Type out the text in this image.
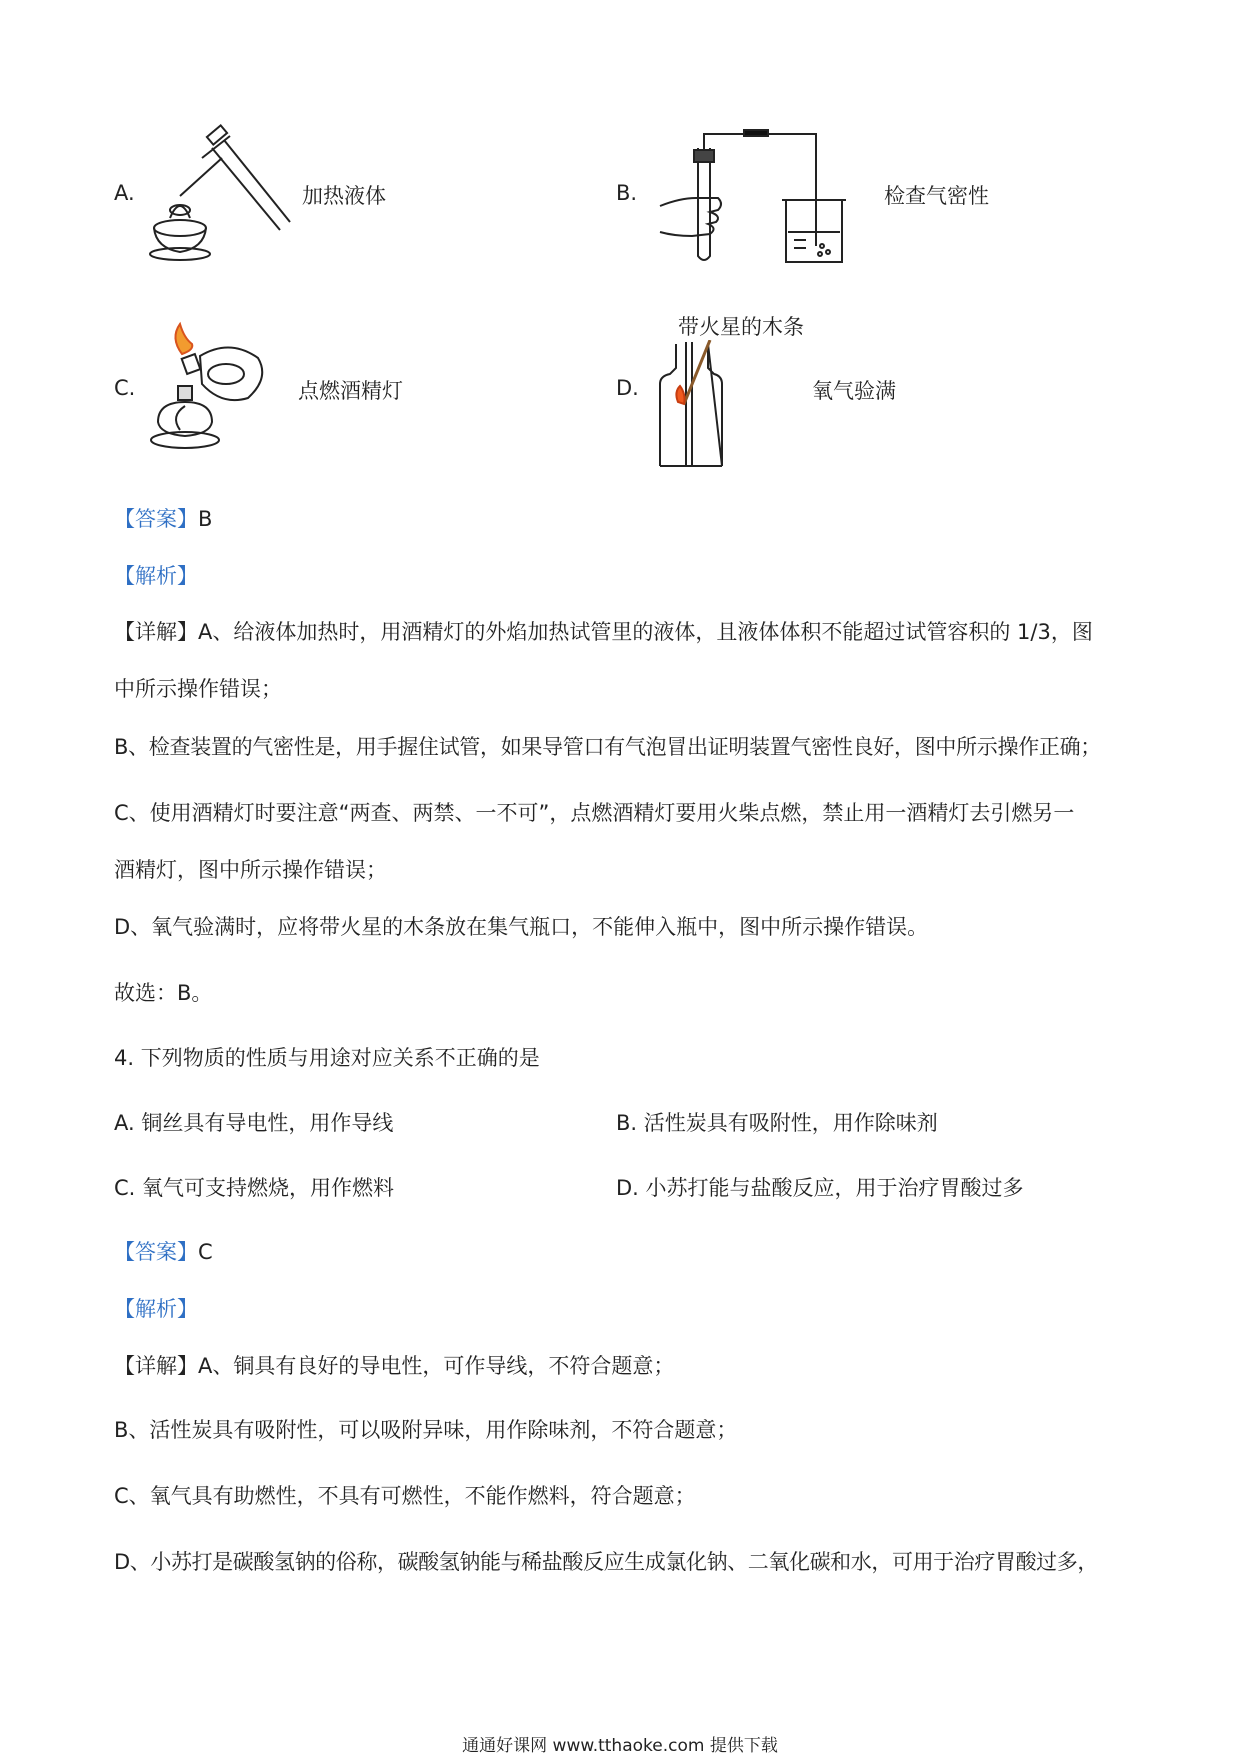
A.	加热液体	B.	检查气密性
C.	点燃酒精灯
带火星的木条
D.	氧气验满
【答案】B
【解析】
【详解】A、给液体加热时，用酒精灯的外焰加热试管里的液体，且液体体积不能超过试管容积的 1/3，图
中所示操作错误；
B、检查装置的气密性是，用手握住试管，如果导管口有气泡冒出证明装置气密性良好，图中所示操作正确；
C、使用酒精灯时要注意“两查、两禁、一不可”，点燃酒精灯要用火柴点燃，禁止用一酒精灯去引燃另一
酒精灯，图中所示操作错误；
D、氧气验满时，应将带火星的木条放在集气瓶口，不能伸入瓶中，图中所示操作错误。
故选：B。
4. 下列物质的性质与用途对应关系不正确的是
A. 铜丝具有导电性，用作导线	B. 活性炭具有吸附性，用作除味剂
C. 氧气可支持燃烧，用作燃料	D. 小苏打能与盐酸反应，用于治疗胃酸过多
【答案】C
【解析】
【详解】A、铜具有良好的导电性，可作导线，不符合题意；
B、活性炭具有吸附性，可以吸附异味，用作除味剂，不符合题意；
C、氧气具有助燃性，不具有可燃性，不能作燃料，符合题意；
D、小苏打是碳酸氢钠的俗称，碳酸氢钠能与稀盐酸反应生成氯化钠、二氧化碳和水，可用于治疗胃酸过多，
通通好课网 www.tthaoke.com 提供下载
